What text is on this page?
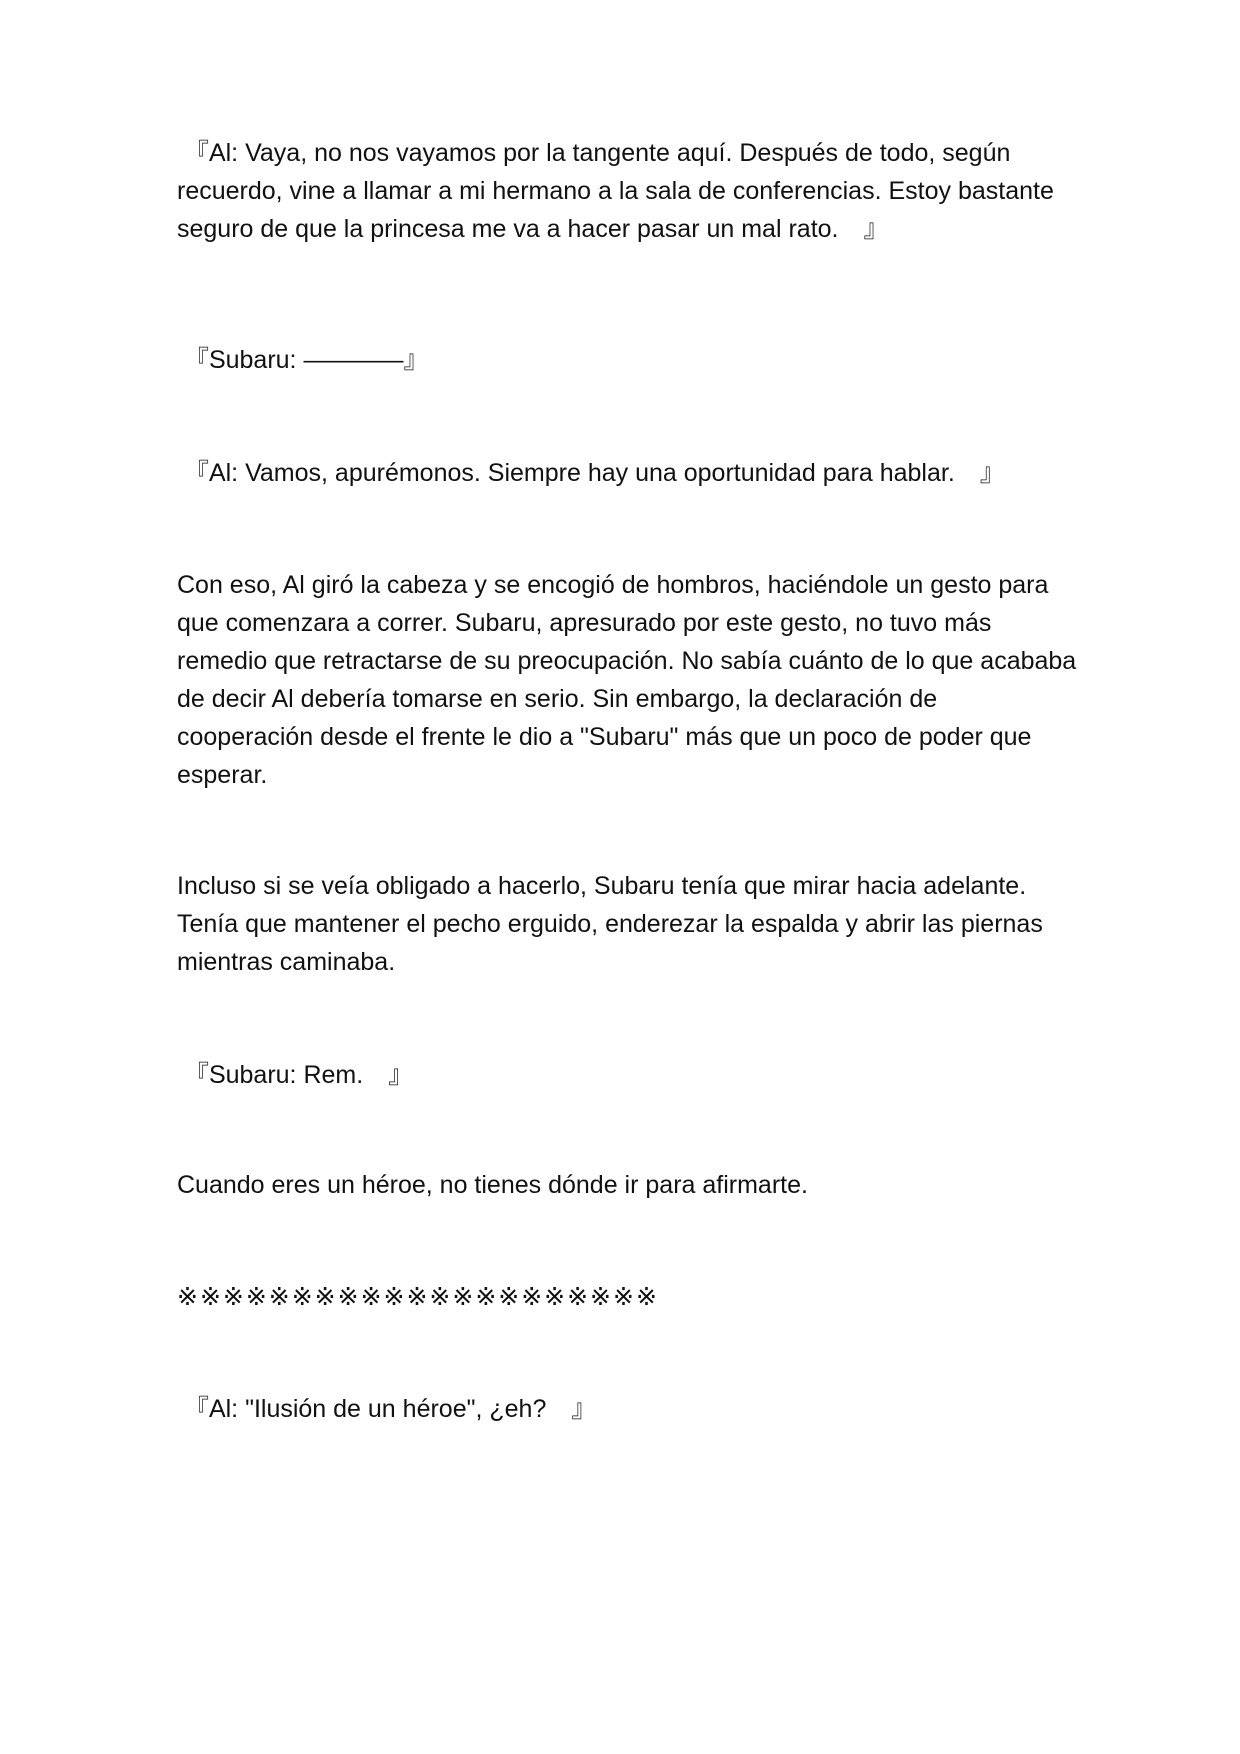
『Al: Vaya, no nos vayamos por la tangente aquí. Después de todo, según recuerdo, vine a llamar a mi hermano a la sala de conferencias. Estoy bastante seguro de que la princesa me va a hacer pasar un mal rato.　』

『Subaru: ————』

『Al: Vamos, apurémonos. Siempre hay una oportunidad para hablar.　』

Con eso, Al giró la cabeza y se encogió de hombros, haciéndole un gesto para que comenzara a correr. Subaru, apresurado por este gesto, no tuvo más remedio que retractarse de su preocupación. No sabía cuánto de lo que acababa de decir Al debería tomarse en serio. Sin embargo, la declaración de cooperación desde el frente le dio a "Subaru" más que un poco de poder que esperar.

Incluso si se veía obligado a hacerlo, Subaru tenía que mirar hacia adelante. Tenía que mantener el pecho erguido, enderezar la espalda y abrir las piernas mientras caminaba.

『Subaru: Rem.　』

Cuando eres un héroe, no tienes dónde ir para afirmarte.

※※※※※※※※※※※※※※※※※※※※※

『Al: "Ilusión de un héroe", ¿eh?　』
